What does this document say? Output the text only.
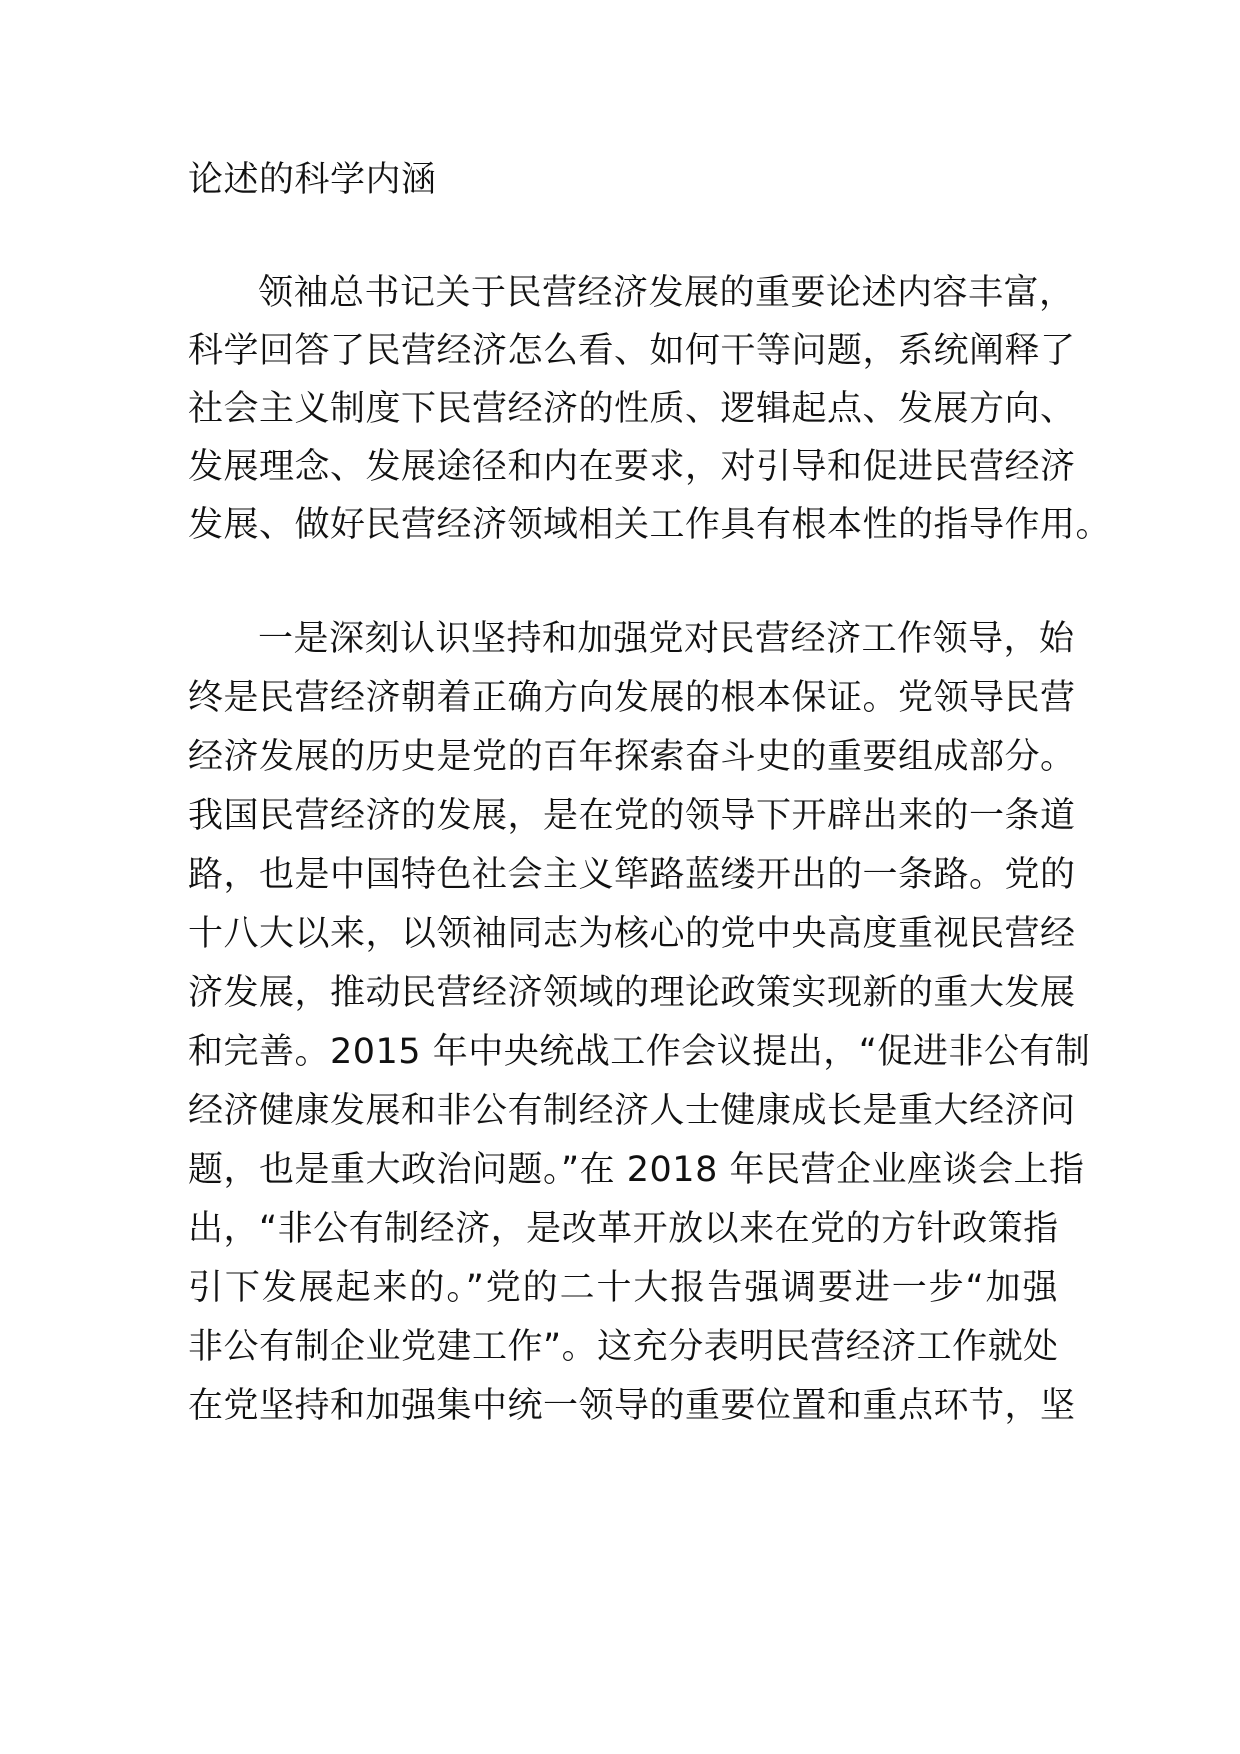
论述的科学内涵
领袖总书记关于民营经济发展的重要论述内容丰富，
科学回答了民营经济怎么看、如何干等问题，系统阐释了
社会主义制度下民营经济的性质、逻辑起点、发展方向、
发展理念、发展途径和内在要求，对引导和促进民营经济
发展、做好民营经济领域相关工作具有根本性的指导作用。
一是深刻认识坚持和加强党对民营经济工作领导，始
终是民营经济朝着正确方向发展的根本保证。党领导民营
经济发展的历史是党的百年探索奋斗史的重要组成部分。
我国民营经济的发展，是在党的领导下开辟出来的一条道
路，也是中国特色社会主义筚路蓝缕开出的一条路。党的
十八大以来，以领袖同志为核心的党中央高度重视民营经
济发展，推动民营经济领域的理论政策实现新的重大发展
和完善。2015 年中央统战工作会议提出，“促进非公有制
经济健康发展和非公有制经济人士健康成长是重大经济问
题，也是重大政治问题。”在 2018 年民营企业座谈会上指
出，“非公有制经济，是改革开放以来在党的方针政策指
引下发展起来的。”党的二十大报告强调要进一步“加强
非公有制企业党建工作”。这充分表明民营经济工作就处
在党坚持和加强集中统一领导的重要位置和重点环节，坚
